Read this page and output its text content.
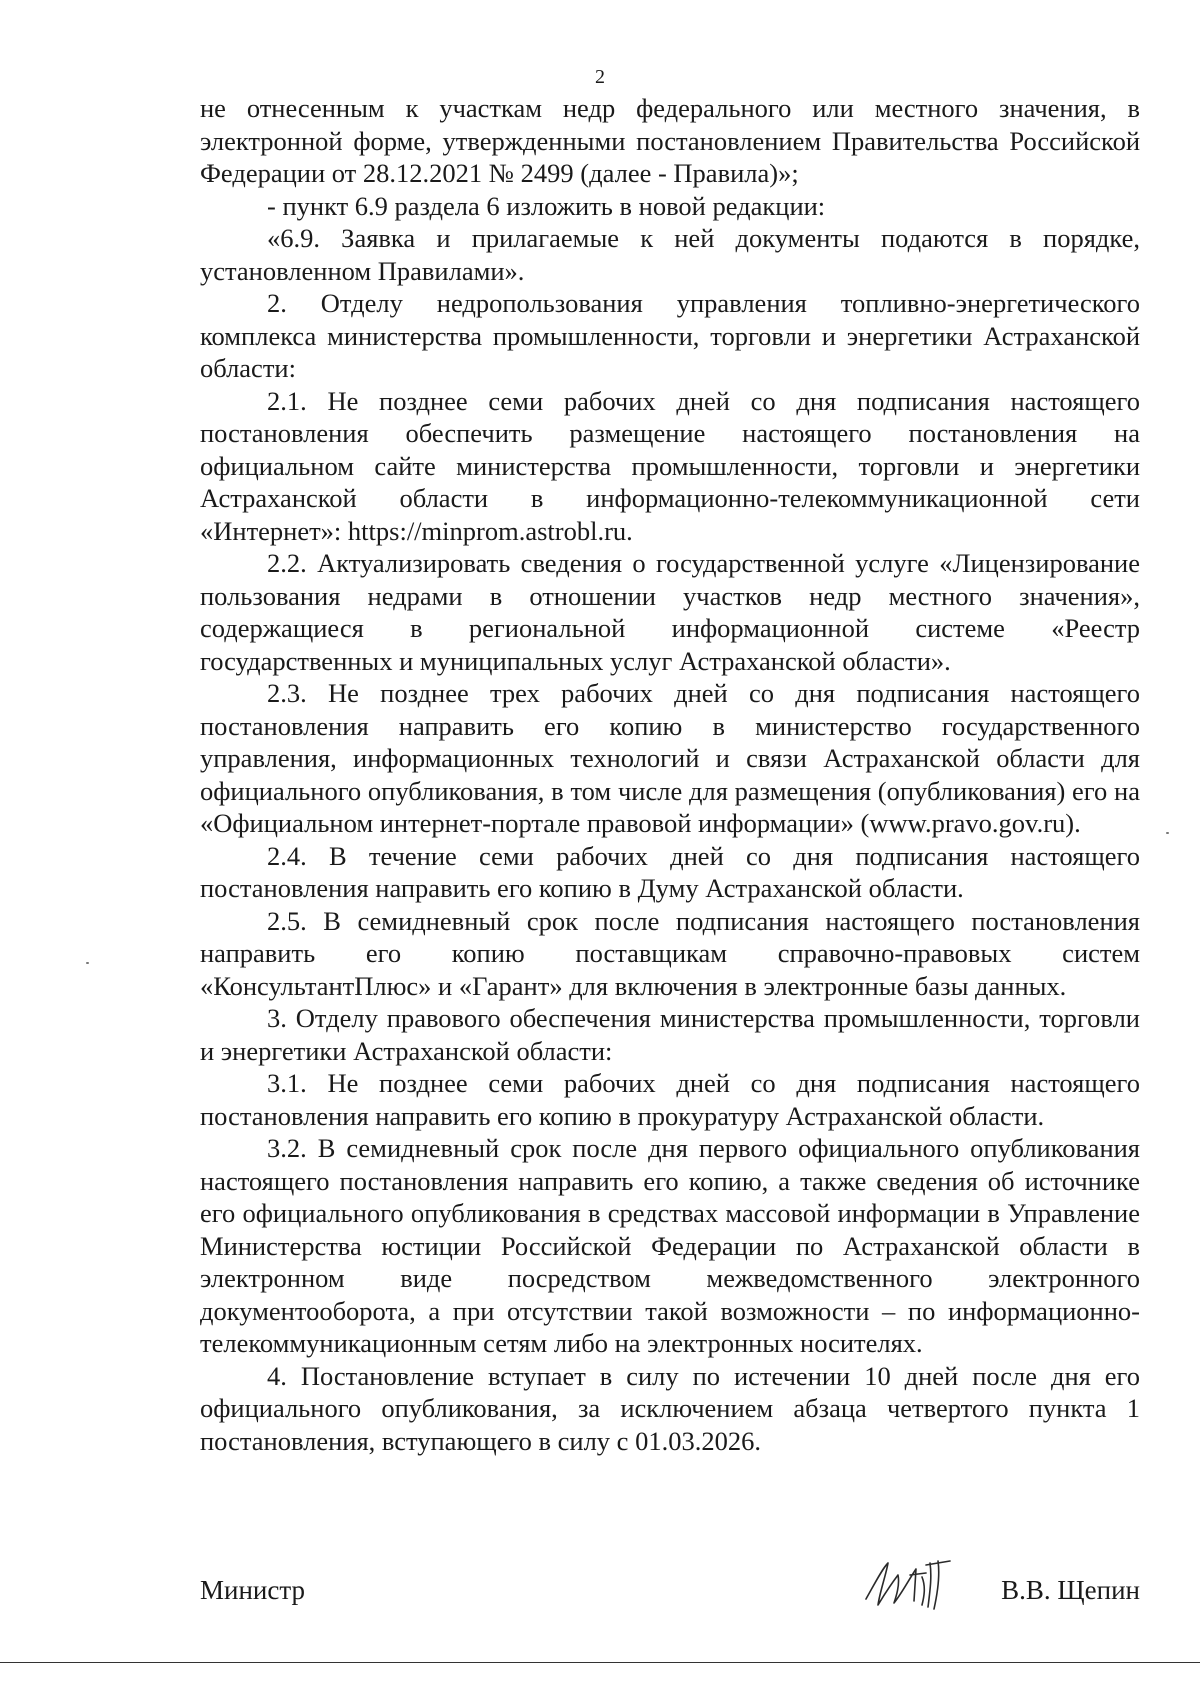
2

не отнесенным к участкам недр федерального или местного значения, в электронной форме, утвержденными постановлением Правительства Российской Федерации от 28.12.2021 № 2499 (далее - Правила)»;

- пункт 6.9 раздела 6 изложить в новой редакции:

«6.9. Заявка и прилагаемые к ней документы подаются в порядке, установленном Правилами».

2. Отделу недропользования управления топливно-энергетического комплекса министерства промышленности, торговли и энергетики Астраханской области:

2.1. Не позднее семи рабочих дней со дня подписания настоящего постановления обеспечить размещение настоящего постановления на официальном сайте министерства промышленности, торговли и энергетики Астраханской области в информационно-телекоммуникационной сети «Интернет»: https://minprom.astrobl.ru.

2.2. Актуализировать сведения о государственной услуге «Лицензирование пользования недрами в отношении участков недр местного значения», содержащиеся в региональной информационной системе «Реестр государственных и муниципальных услуг Астраханской области».

2.3. Не позднее трех рабочих дней со дня подписания настоящего постановления направить его копию в министерство государственного управления, информационных технологий и связи Астраханской области для официального опубликования, в том числе для размещения (опубликования) его на «Официальном интернет-портале правовой информации» (www.pravo.gov.ru).

2.4. В течение семи рабочих дней со дня подписания настоящего постановления направить его копию в Думу Астраханской области.

2.5. В семидневный срок после подписания настоящего постановления направить его копию поставщикам справочно-правовых систем «КонсультантПлюс» и «Гарант» для включения в электронные базы данных.

3. Отделу правового обеспечения министерства промышленности, торговли и энергетики Астраханской области:

3.1. Не позднее семи рабочих дней со дня подписания настоящего постановления направить его копию в прокуратуру Астраханской области.

3.2. В семидневный срок после дня первого официального опубликования настоящего постановления направить его копию, а также сведения об источнике его официального опубликования в средствах массовой информации в Управление Министерства юстиции Российской Федерации по Астраханской области в электронном виде посредством межведомственного электронного документооборота, а при отсутствии такой возможности – по информационно-телекоммуникационным сетям либо на электронных носителях.

4. Постановление вступает в силу по истечении 10 дней после дня его официального опубликования, за исключением абзаца четвертого пункта 1 постановления, вступающего в силу с 01.03.2026.

Министр	В.В. Щепин
